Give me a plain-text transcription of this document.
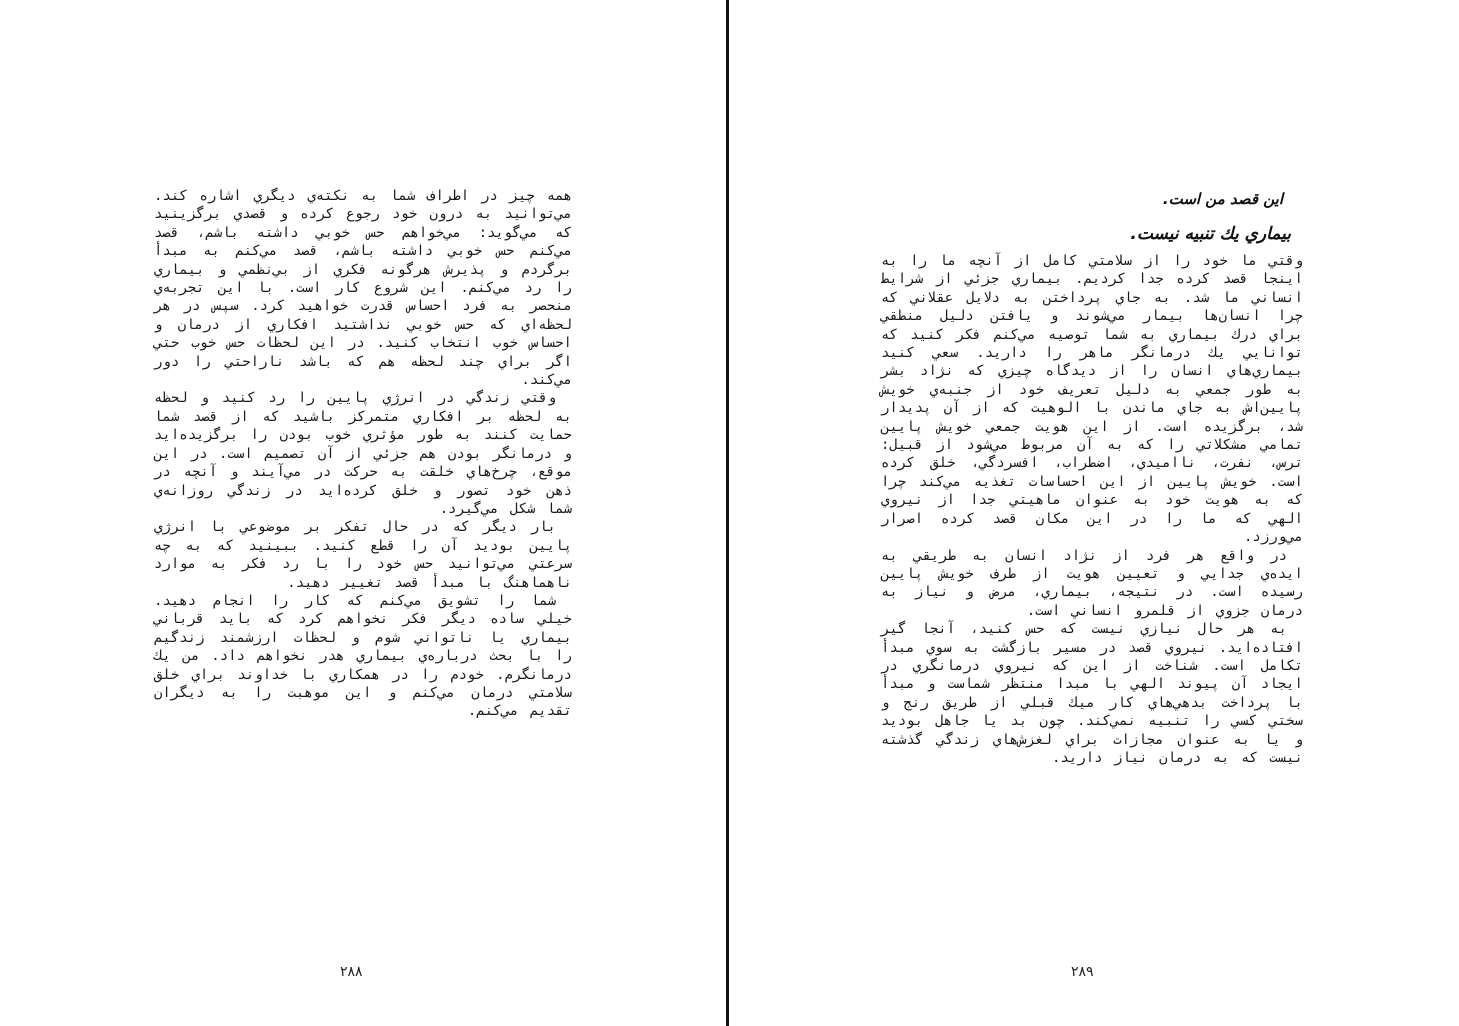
همه چيز در اطراف شما به نكته‌ي ديگري اشاره كند. مي‌توانيد به درون خود رجوع كرده و قصدي برگزينيد كه مي‌گويد: مي‌خواهم حس خوبي داشته باشم، قصد مي‌كنم حس خوبي داشته باشم، قصد مي‌كنم به مبدأ برگردم و پذيرش هرگونه فكري از بي‌نظمي و بيماري را رد مي‌كنم. اين شروع كار است. با اين تجربه‌ي منحصر به فرد احساس قدرت خواهيد كرد. سپس در هر لحظه‌اي كه حس خوبي نداشتيد افكاري از درمان و احساس خوب انتخاب كنيد. در اين لحظات حس خوب حتي اگر براي چند لحظه هم كه باشد ناراحتي را دور مي‌كند.

وقتي زندگي در انرژي پايين را رد كنيد و لحظه به لحظه بر افكاري متمركز باشيد كه از قصد شما حمايت كنند به طور مؤثري خوب بودن را برگزيده‌ايد و درمانگر بودن هم جزئي از آن تصميم است. در اين موقع، چرخ‌هاي خلقت به حركت در مي‌آيند و آنچه در ذهن خود تصور و خلق كرده‌ايد در زندگي روزانه‌ي شما شكل مي‌گيرد.

بار ديگر كه در حال تفكر بر موضوعي با انرژي پايين بوديد آن را قطع كنيد. ببينيد كه به چه سرعتي مي‌توانيد حس خود را با رد فكر به موارد ناهماهنگ با مبدأ قصد تغيير دهيد.

شما را تشويق مي‌كنم كه كار را انجام دهيد. خيلي ساده ديگر فكر نخواهم كرد كه بايد قرباني بيماري يا ناتواني شوم و لحظات ارزشمند زندگيم را با بحث درباره‌ي بيماري هدر نخواهم داد. من يك درمانگرم. خودم را در همكاري با خداوند براي خلق سلامتي درمان مي‌كنم و اين موهبت را به ديگران تقديم مي‌كنم.

۲۸۸
اين قصد من است.
بيماري يك تنبيه نيست.

وقتي ما خود را از سلامتي كامل از آنچه ما را به اينجا قصد كرده جدا كرديم. بيماري جزئي از شرايط انساني ما شد. به جاي پرداختن به دلايل عقلاني كه چرا انسان‌ها بيمار مي‌شوند و يافتن دليل منطقي براي درك بيماري به شما توصيه مي‌كنم فكر كنيد كه توانايي يك درمانگر ماهر را داريد. سعي كنيد بيماري‌هاي انسان را از ديدگاه چيزي كه نژاد بشر به طور جمعي به دليل تعريف خود از جنبه‌ي خويش پايين‌اش به جاي ماندن با الوهيت كه از آن پديدار شد، برگزيده است. از اين هويت جمعي خويش پايين تمامي مشكلاتي را كه به آن مربوط مي‌شود از قبيل: ترس، نفرت، نااميدي، اضطراب، افسردگي، خلق كرده است. خويش پايين از اين احساسات تغذيه مي‌كند چرا كه به هويت خود به عنوان ماهيتي جدا از نيروي الهي كه ما را در اين مكان قصد كرده اصرار مي‌ورزد.

در واقع هر فرد از نژاد انسان به طريقي به ايده‌ي جدايي و تعيين هويت از طرف خويش پايين رسيده است. در نتيجه، بيماري، مرض و نياز به درمان جزوي از قلمرو انساني است.

به هر حال نيازي نيست كه حس كنيد، آنجا گير افتاده‌ايد. نيروي قصد در مسير بازگشت به سوي مبدأ تكامل است. شناخت از اين كه نيروي درمانگري در ايجاد آن پيوند الهي با مبدا منتظر شماست و مبدأ با پرداخت بدهي‌هاي كار ميك قبلي از طريق رنج و سختي كسي را تنبيه نمي‌كند. چون بد يا جاهل بوديد و يا به عنوان مجازات براي لغزش‌هاي زندگي گذشته نيست كه به درمان نياز داريد.

۲۸۹
